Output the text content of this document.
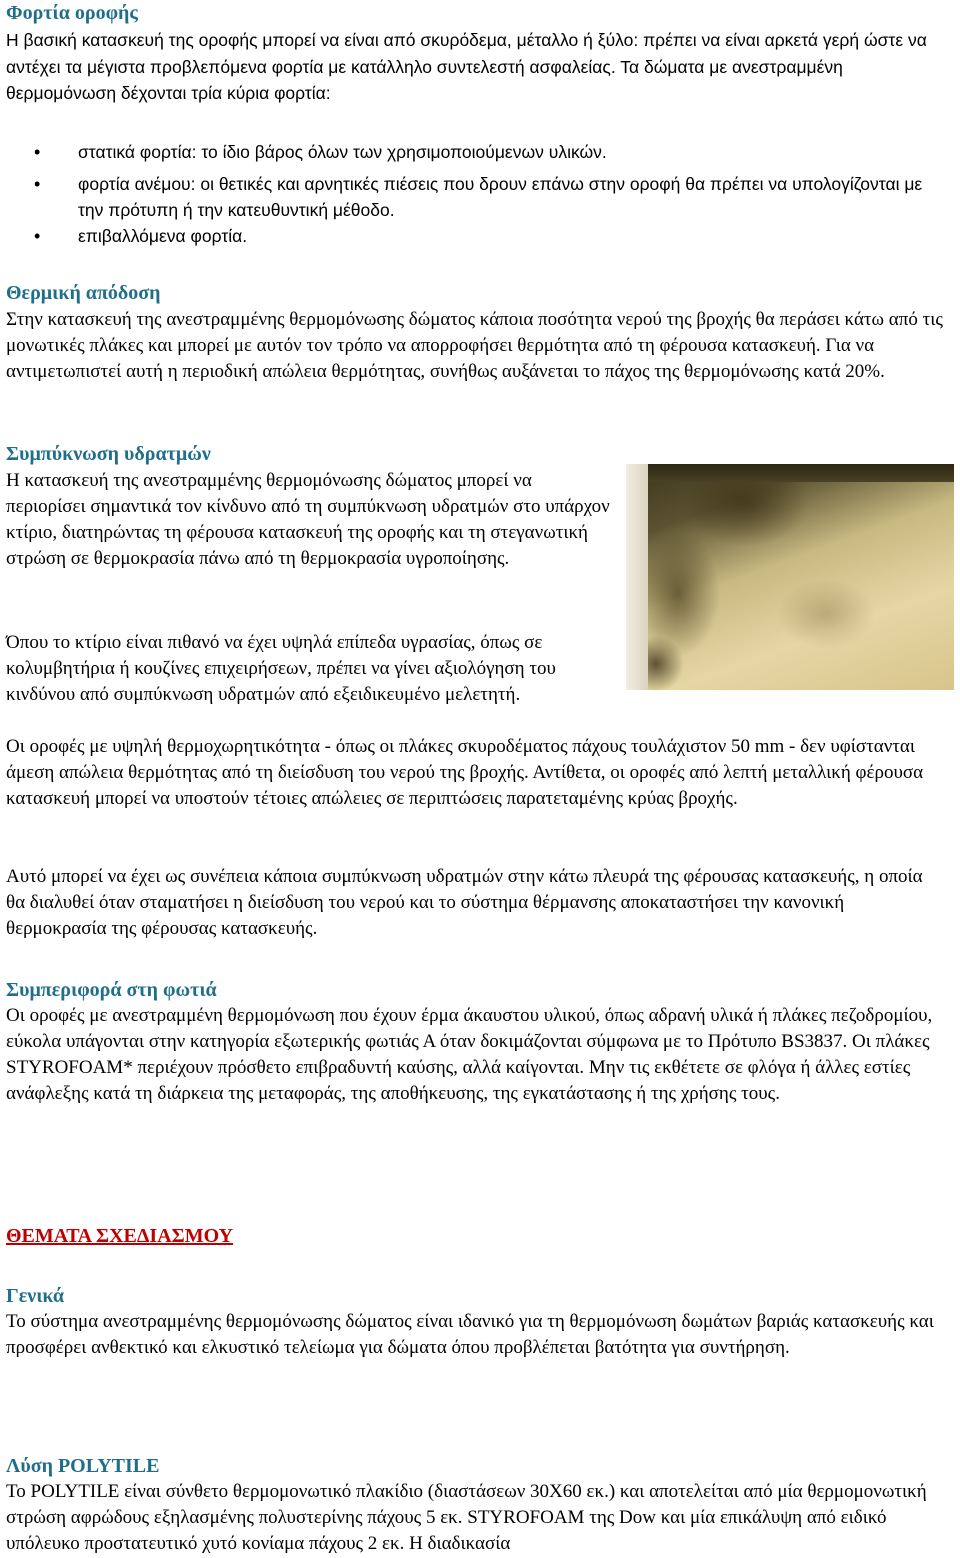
Φορτία οροφής

Η βασική κατασκευή της οροφής μπορεί να είναι από σκυρόδεμα, μέταλλο ή ξύλο: πρέπει να είναι αρκετά γερή ώστε να αντέχει τα μέγιστα προβλεπόμενα φορτία με κατάλληλο συντελεστή ασφαλείας. Τα δώματα με ανεστραμμένη θερμομόνωση δέχονται τρία κύρια φορτία:

• στατικά φορτία: το ίδιο βάρος όλων των χρησιμοποιούμενων υλικών.
• φορτία ανέμου: οι θετικές και αρνητικές πιέσεις που δρουν επάνω στην οροφή θα πρέπει να υπολογίζονται με την πρότυπη ή την κατευθυντική μέθοδο.
• επιβαλλόμενα φορτία.

Θερμική απόδοση

Στην κατασκευή της ανεστραμμένης θερμομόνωσης δώματος κάποια ποσότητα νερού της βροχής θα περάσει κάτω από τις μονωτικές πλάκες και μπορεί με αυτόν τον τρόπο να απορροφήσει θερμότητα από τη φέρουσα κατασκευή. Για να αντιμετωπιστεί αυτή η περιοδική απώλεια θερμότητας, συνήθως αυξάνεται το πάχος της θερμομόνωσης κατά 20%.

Συμπύκνωση υδρατμών

Η κατασκευή της ανεστραμμένης θερμομόνωσης δώματος μπορεί να περιορίσει σημαντικά τον κίνδυνο από τη συμπύκνωση υδρατμών στο υπάρχον κτίριο, διατηρώντας τη φέρουσα κατασκευή της οροφής και τη στεγανωτική στρώση σε θερμοκρασία πάνω από τη θερμοκρασία υγροποίησης.

Όπου το κτίριο είναι πιθανό να έχει υψηλά επίπεδα υγρασίας, όπως σε κολυμβητήρια ή κουζίνες επιχειρήσεων, πρέπει να γίνει αξιολόγηση του κινδύνου από συμπύκνωση υδρατμών από εξειδικευμένο μελετητή.

Οι οροφές με υψηλή θερμοχωρητικότητα - όπως οι πλάκες σκυροδέματος πάχους τουλάχιστον 50 mm - δεν υφίστανται άμεση απώλεια θερμότητας από τη διείσδυση του νερού της βροχής. Αντίθετα, οι οροφές από λεπτή μεταλλική φέρουσα κατασκευή μπορεί να υποστούν τέτοιες απώλειες σε περιπτώσεις παρατεταμένης κρύας βροχής.

Αυτό μπορεί να έχει ως συνέπεια κάποια συμπύκνωση υδρατμών στην κάτω πλευρά της φέρουσας κατασκευής, η οποία θα διαλυθεί όταν σταματήσει η διείσδυση του νερού και το σύστημα θέρμανσης αποκαταστήσει την κανονική θερμοκρασία της φέρουσας κατασκευής.

Συμπεριφορά στη φωτιά

Οι οροφές με ανεστραμμένη θερμομόνωση που έχουν έρμα άκαυστου υλικού, όπως αδρανή υλικά ή πλάκες πεζοδρομίου, εύκολα υπάγονται στην κατηγορία εξωτερικής φωτιάς Α όταν δοκιμάζονται σύμφωνα με το Πρότυπο BS3837. Οι πλάκες STYROFOAM* περιέχουν πρόσθετο επιβραδυντή καύσης, αλλά καίγονται. Μην τις εκθέτετε σε φλόγα ή άλλες εστίες ανάφλεξης κατά τη διάρκεια της μεταφοράς, της αποθήκευσης, της εγκατάστασης ή της χρήσης τους.

ΘΕΜΑΤΑ ΣΧΕΔΙΑΣΜΟΥ

Γενικά

Το σύστημα ανεστραμμένης θερμομόνωσης δώματος είναι ιδανικό για τη θερμομόνωση δωμάτων βαριάς κατασκευής και προσφέρει ανθεκτικό και ελκυστικό τελείωμα για δώματα όπου προβλέπεται βατότητα για συντήρηση.

Λύση POLYTILE

Το POLYTILE είναι σύνθετο θερμομονωτικό πλακίδιο (διαστάσεων 30Χ60 εκ.) και αποτελείται από μία θερμομονωτική στρώση αφρώδους εξηλασμένης πολυστερίνης πάχους 5 εκ. STYROFOAM της Dow και μία επικάλυψη από ειδικό υπόλευκο προστατευτικό χυτό κονίαμα πάχους 2 εκ. Η διαδικασία
